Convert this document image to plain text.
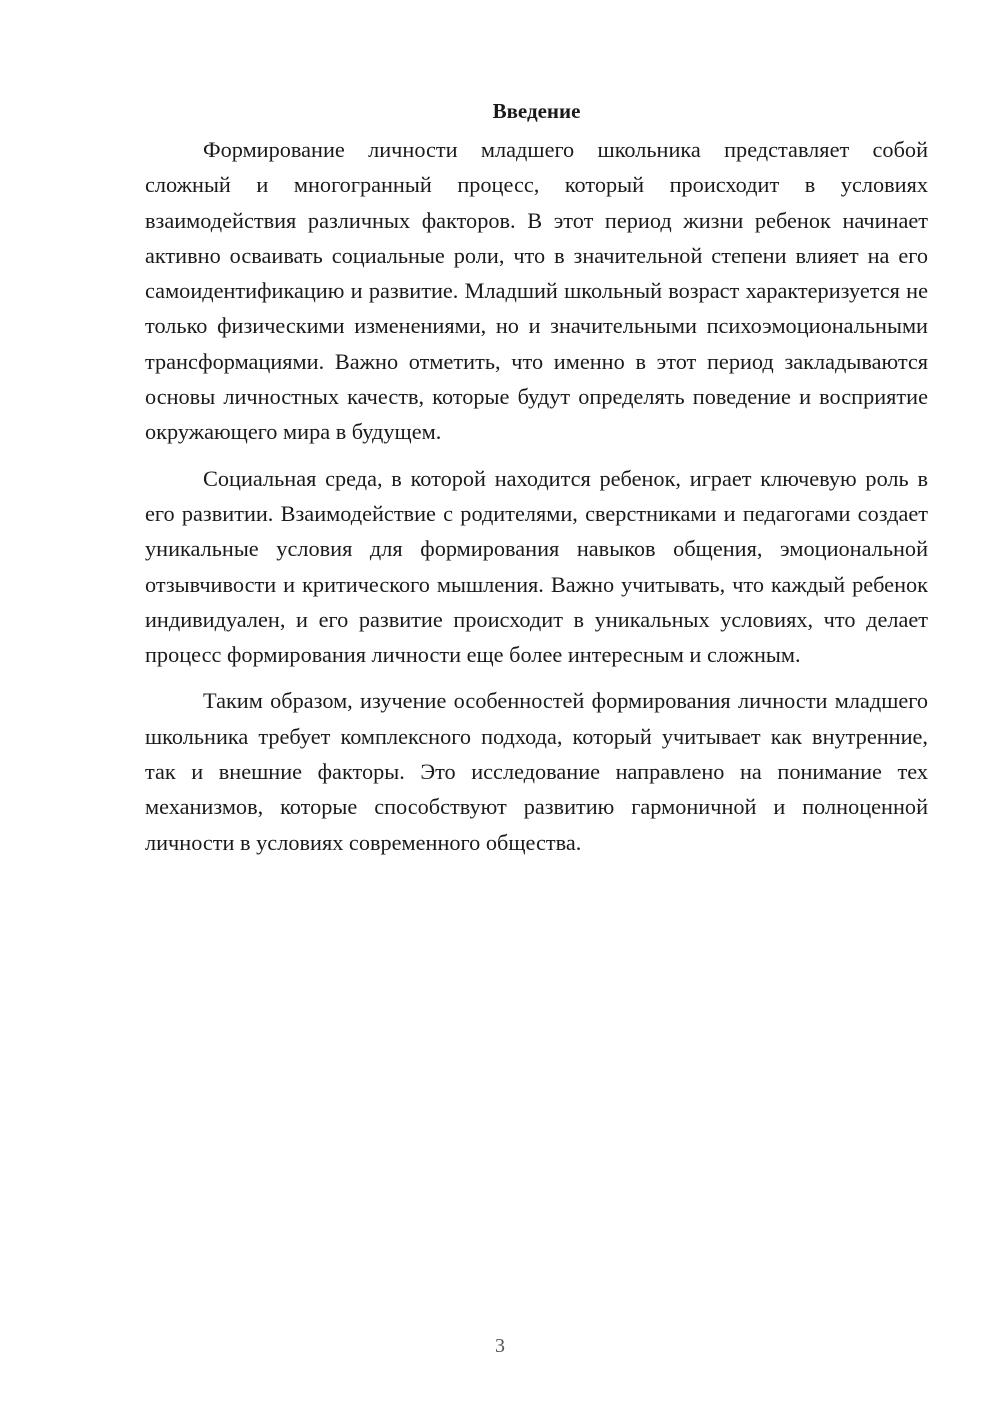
Введение

Формирование личности младшего школьника представляет собой сложный и многогранный процесс, который происходит в условиях взаимодействия различных факторов. В этот период жизни ребенок начинает активно осваивать социальные роли, что в значительной степени влияет на его самоидентификацию и развитие. Младший школьный возраст характеризуется не только физическими изменениями, но и значительными психоэмоциональными трансформациями. Важно отметить, что именно в этот период закладываются основы личностных качеств, которые будут определять поведение и восприятие окружающего мира в будущем.

Социальная среда, в которой находится ребенок, играет ключевую роль в его развитии. Взаимодействие с родителями, сверстниками и педагогами создает уникальные условия для формирования навыков общения, эмоциональной отзывчивости и критического мышления. Важно учитывать, что каждый ребенок индивидуален, и его развитие происходит в уникальных условиях, что делает процесс формирования личности еще более интересным и сложным.

Таким образом, изучение особенностей формирования личности младшего школьника требует комплексного подхода, который учитывает как внутренние, так и внешние факторы. Это исследование направлено на понимание тех механизмов, которые способствуют развитию гармоничной и полноценной личности в условиях современного общества.

3
